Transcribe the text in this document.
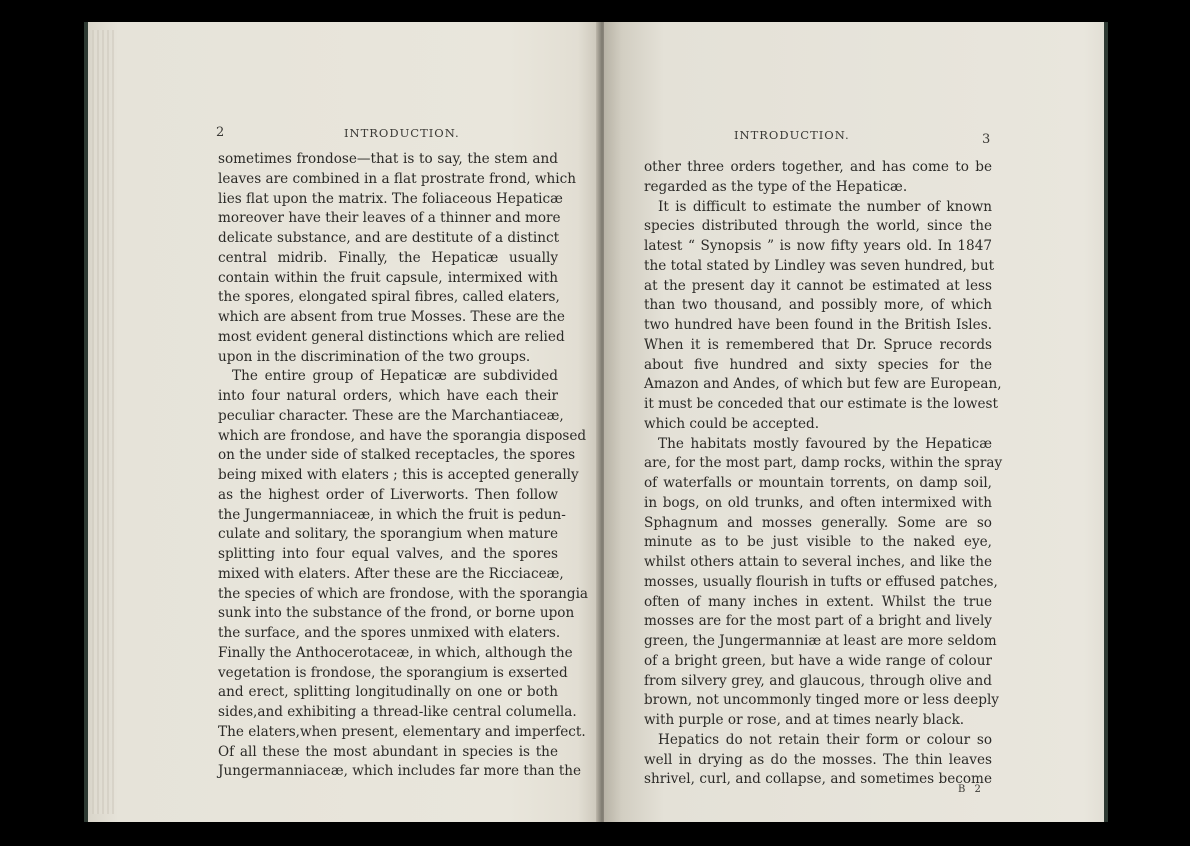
2	INTRODUCTION.
sometimes frondose—that is to say, the stem and
leaves are combined in a flat prostrate frond, which
lies flat upon the matrix. The foliaceous Hepaticæ
moreover have their leaves of a thinner and more
delicate substance, and are destitute of a distinct
central midrib. Finally, the Hepaticæ usually
contain within the fruit capsule, intermixed with
the spores, elongated spiral fibres, called elaters,
which are absent from true Mosses. These are the
most evident general distinctions which are relied
upon in the discrimination of the two groups.
The entire group of Hepaticæ are subdivided
into four natural orders, which have each their
peculiar character. These are the Marchantiaceæ,
which are frondose, and have the sporangia disposed
on the under side of stalked receptacles, the spores
being mixed with elaters ; this is accepted generally
as the highest order of Liverworts. Then follow
the Jungermanniaceæ, in which the fruit is pedun-
culate and solitary, the sporangium when mature
splitting into four equal valves, and the spores
mixed with elaters. After these are the Ricciaceæ,
the species of which are frondose, with the sporangia
sunk into the substance of the frond, or borne upon
the surface, and the spores unmixed with elaters.
Finally the Anthocerotaceæ, in which, although the
vegetation is frondose, the sporangium is exserted
and erect, splitting longitudinally on one or both
sides,and exhibiting a thread-like central columella.
The elaters,when present, elementary and imperfect.
Of all these the most abundant in species is the
Jungermanniaceæ, which includes far more than the
INTRODUCTION.	3
other three orders together, and has come to be
regarded as the type of the Hepaticæ.
It is difficult to estimate the number of known
species distributed through the world, since the
latest “ Synopsis ” is now fifty years old. In 1847
the total stated by Lindley was seven hundred, but
at the present day it cannot be estimated at less
than two thousand, and possibly more, of which
two hundred have been found in the British Isles.
When it is remembered that Dr. Spruce records
about five hundred and sixty species for the
Amazon and Andes, of which but few are European,
it must be conceded that our estimate is the lowest
which could be accepted.
The habitats mostly favoured by the Hepaticæ
are, for the most part, damp rocks, within the spray
of waterfalls or mountain torrents, on damp soil,
in bogs, on old trunks, and often intermixed with
Sphagnum and mosses generally. Some are so
minute as to be just visible to the naked eye,
whilst others attain to several inches, and like the
mosses, usually flourish in tufts or effused patches,
often of many inches in extent. Whilst the true
mosses are for the most part of a bright and lively
green, the Jungermanniæ at least are more seldom
of a bright green, but have a wide range of colour
from silvery grey, and glaucous, through olive and
brown, not uncommonly tinged more or less deeply
with purple or rose, and at times nearly black.
Hepatics do not retain their form or colour so
well in drying as do the mosses. The thin leaves
shrivel, curl, and collapse, and sometimes become
B 2
